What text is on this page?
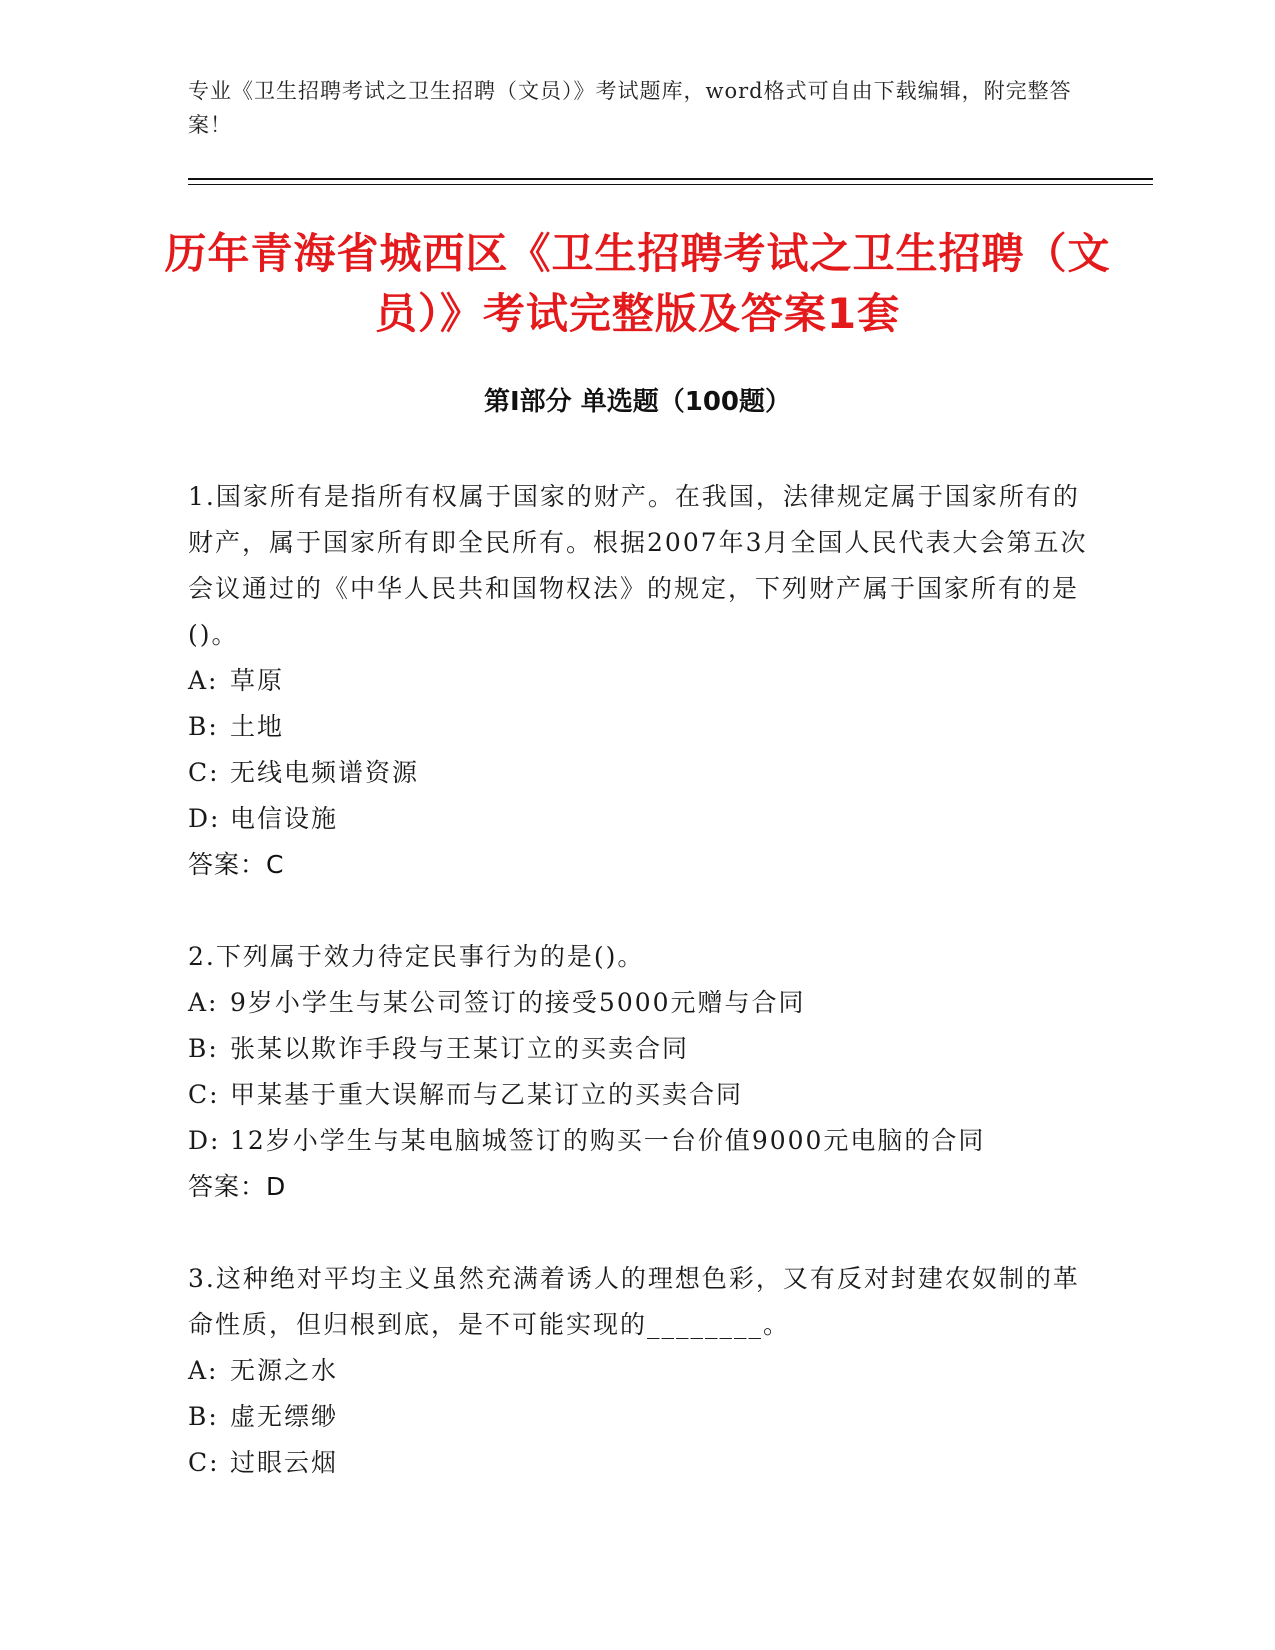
专业《卫生招聘考试之卫生招聘（文员）》考试题库，word格式可自由下载编辑，附完整答案！
历年青海省城西区《卫生招聘考试之卫生招聘（文员）》考试完整版及答案1套
第I部分 单选题（100题）
1.国家所有是指所有权属于国家的财产。在我国，法律规定属于国家所有的财产，属于国家所有即全民所有。根据2007年3月全国人民代表大会第五次会议通过的《中华人民共和国物权法》的规定，下列财产属于国家所有的是()。
A: 草原
B: 土地
C: 无线电频谱资源
D: 电信设施
答案：C
2.下列属于效力待定民事行为的是()。
A: 9岁小学生与某公司签订的接受5000元赠与合同
B: 张某以欺诈手段与王某订立的买卖合同
C: 甲某基于重大误解而与乙某订立的买卖合同
D: 12岁小学生与某电脑城签订的购买一台价值9000元电脑的合同
答案：D
3.这种绝对平均主义虽然充满着诱人的理想色彩，又有反对封建农奴制的革命性质，但归根到底，是不可能实现的________。
A: 无源之水
B: 虚无缥缈
C: 过眼云烟
